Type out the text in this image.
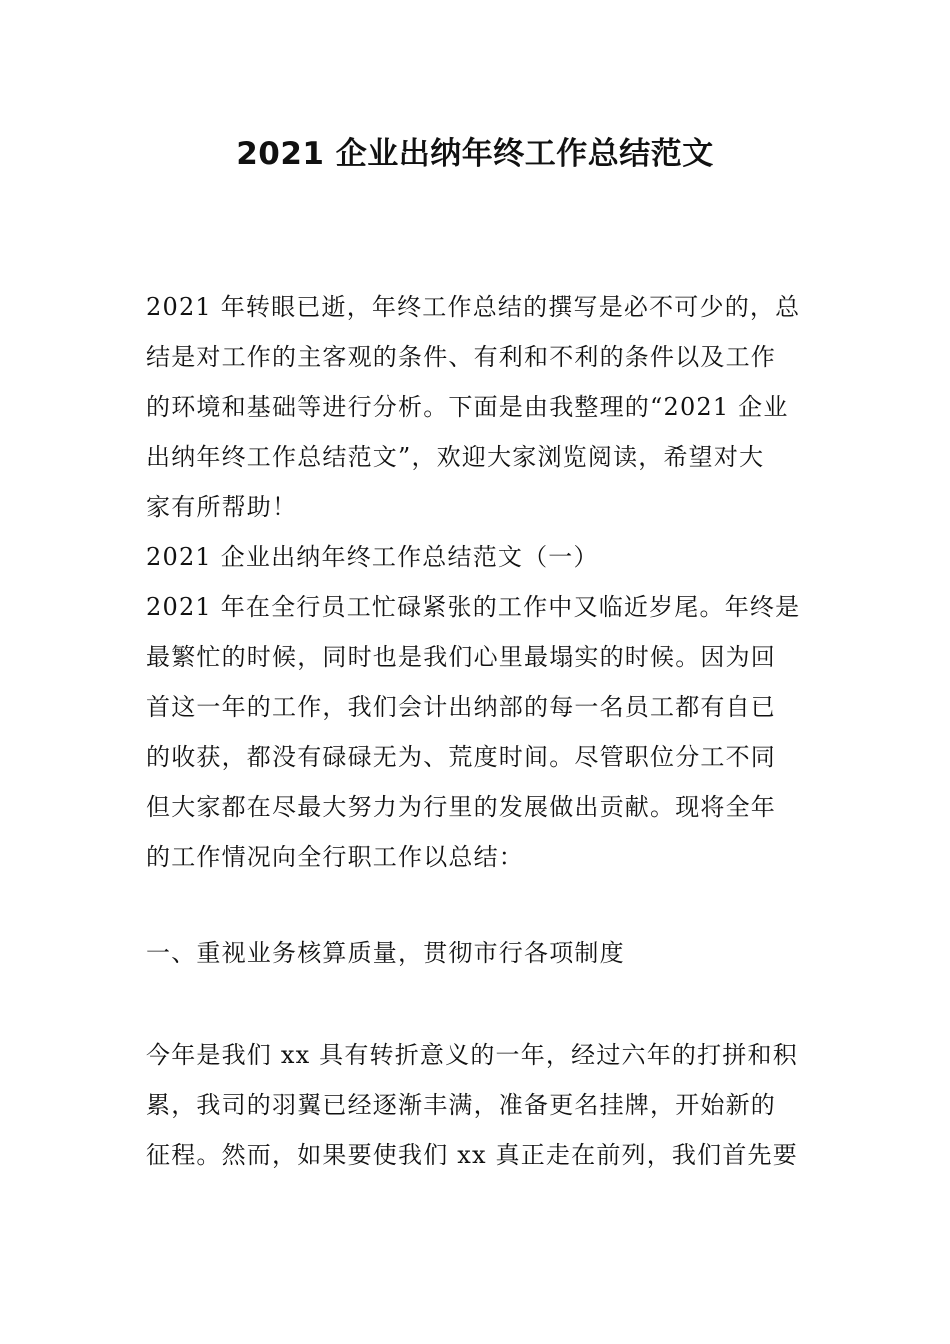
2021 企业出纳年终工作总结范文
2021 年转眼已逝，年终工作总结的撰写是必不可少的，总
结是对工作的主客观的条件、有利和不利的条件以及工作
的环境和基础等进行分析。下面是由我整理的“2021 企业
出纳年终工作总结范文”，欢迎大家浏览阅读，希望对大
家有所帮助！
2021 企业出纳年终工作总结范文（一）
2021 年在全行员工忙碌紧张的工作中又临近岁尾。年终是
最繁忙的时候，同时也是我们心里最塌实的时候。因为回
首这一年的工作，我们会计出纳部的每一名员工都有自已
的收获，都没有碌碌无为、荒度时间。尽管职位分工不同
但大家都在尽最大努力为行里的发展做出贡献。现将全年
的工作情况向全行职工作以总结：
一、重视业务核算质量，贯彻市行各项制度
今年是我们 xx 具有转折意义的一年，经过六年的打拼和积
累，我司的羽翼已经逐渐丰满，准备更名挂牌，开始新的
征程。然而，如果要使我们 xx 真正走在前列，我们首先要
